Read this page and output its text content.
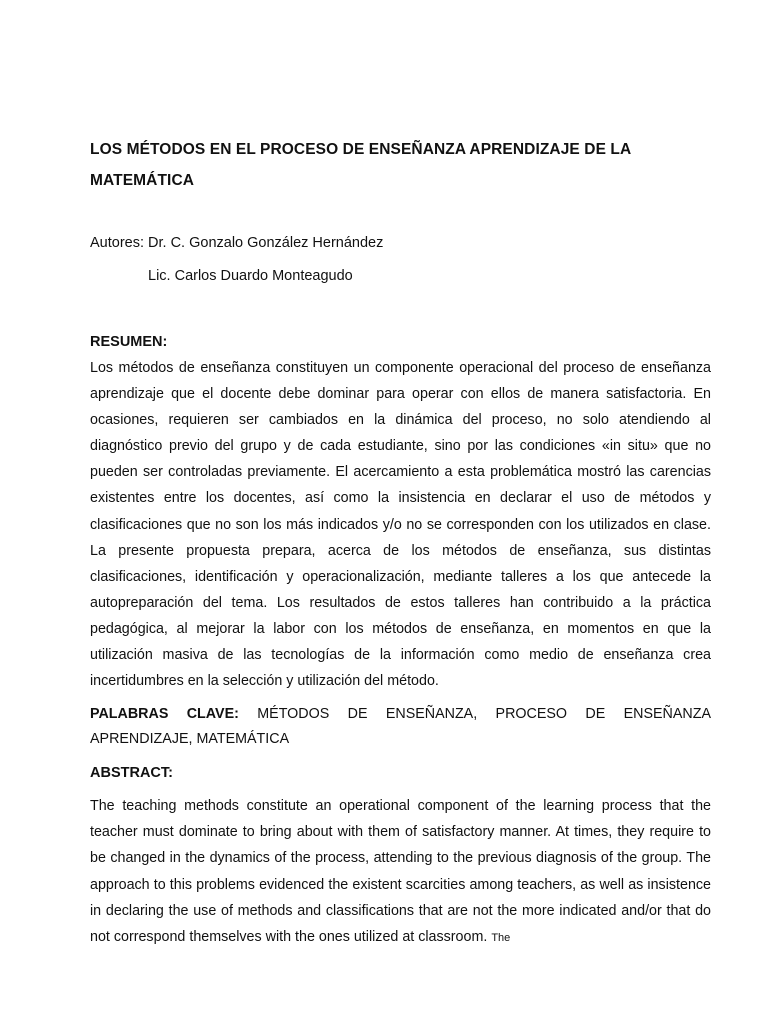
LOS MÉTODOS EN EL PROCESO DE ENSEÑANZA APRENDIZAJE DE LA MATEMÁTICA
Autores: Dr. C. Gonzalo González Hernández
Lic. Carlos Duardo Monteagudo
RESUMEN:

Los métodos de enseñanza constituyen un componente operacional del proceso de enseñanza aprendizaje que el docente debe dominar para operar con ellos de manera satisfactoria. En ocasiones, requieren ser cambiados en la dinámica del proceso, no solo atendiendo al diagnóstico previo del grupo y de cada estudiante, sino por las condiciones «in situ» que no pueden ser controladas previamente. El acercamiento a esta problemática mostró las carencias existentes entre los docentes, así como la insistencia en declarar el uso de métodos y clasificaciones que no son los más indicados y/o no se corresponden con los utilizados en clase. La presente propuesta prepara, acerca de los métodos de enseñanza, sus distintas clasificaciones, identificación y operacionalización, mediante talleres a los que antecede la autopreparación del tema. Los resultados de estos talleres han contribuido a la práctica pedagógica, al mejorar la labor con los métodos de enseñanza, en momentos en que la utilización masiva de las tecnologías de la información como medio de enseñanza crea incertidumbres en la selección y utilización del método.

PALABRAS CLAVE: MÉTODOS DE ENSEÑANZA, PROCESO DE ENSEÑANZA APRENDIZAJE, MATEMÁTICA

ABSTRACT:

The teaching methods constitute an operational component of the learning process that the teacher must dominate to bring about with them of satisfactory manner. At times, they require to be changed in the dynamics of the process, attending to the previous diagnosis of the group. The approach to this problems evidenced the existent scarcities among teachers, as well as insistence in declaring the use of methods and classifications that are not the more indicated and/or that do not correspond themselves with the ones utilized at classroom. The
